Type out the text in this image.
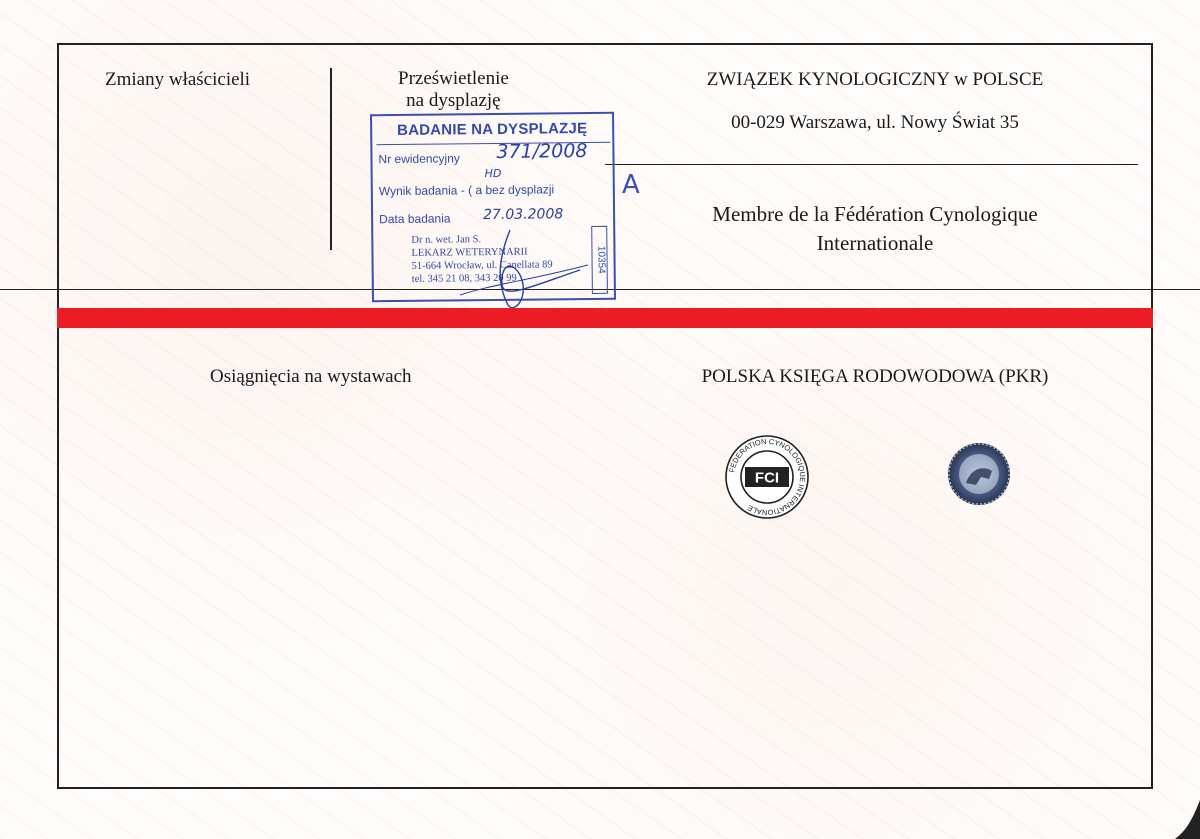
Zmiany właścicieli	Prześwietlenie
na dysplazję
ZWIĄZEK KYNOLOGICZNY w POLSCE
00-029 Warszawa, ul. Nowy Świat 35
Membre de la Fédération Cynologique
Internationale
BADANIE NA DYSPLAZJĘ
Nr ewidencyjny 371/2008
HD
Wynik badania - ( a bez dysplazji
Data badania 27.03.2008
Dr n. wet. Jan S.
LEKARZ WETERYNARII
51-664 Wrocław, ul. Canellata 89
tel. 345 21 08, 343 20 99
10354
A
Osiągnięcia na wystawach	POLSKA KSIĘGA RODOWODOWA (PKR)
FEDERATION CYNOLOGIQUE INTERNATIONALE
FCI
